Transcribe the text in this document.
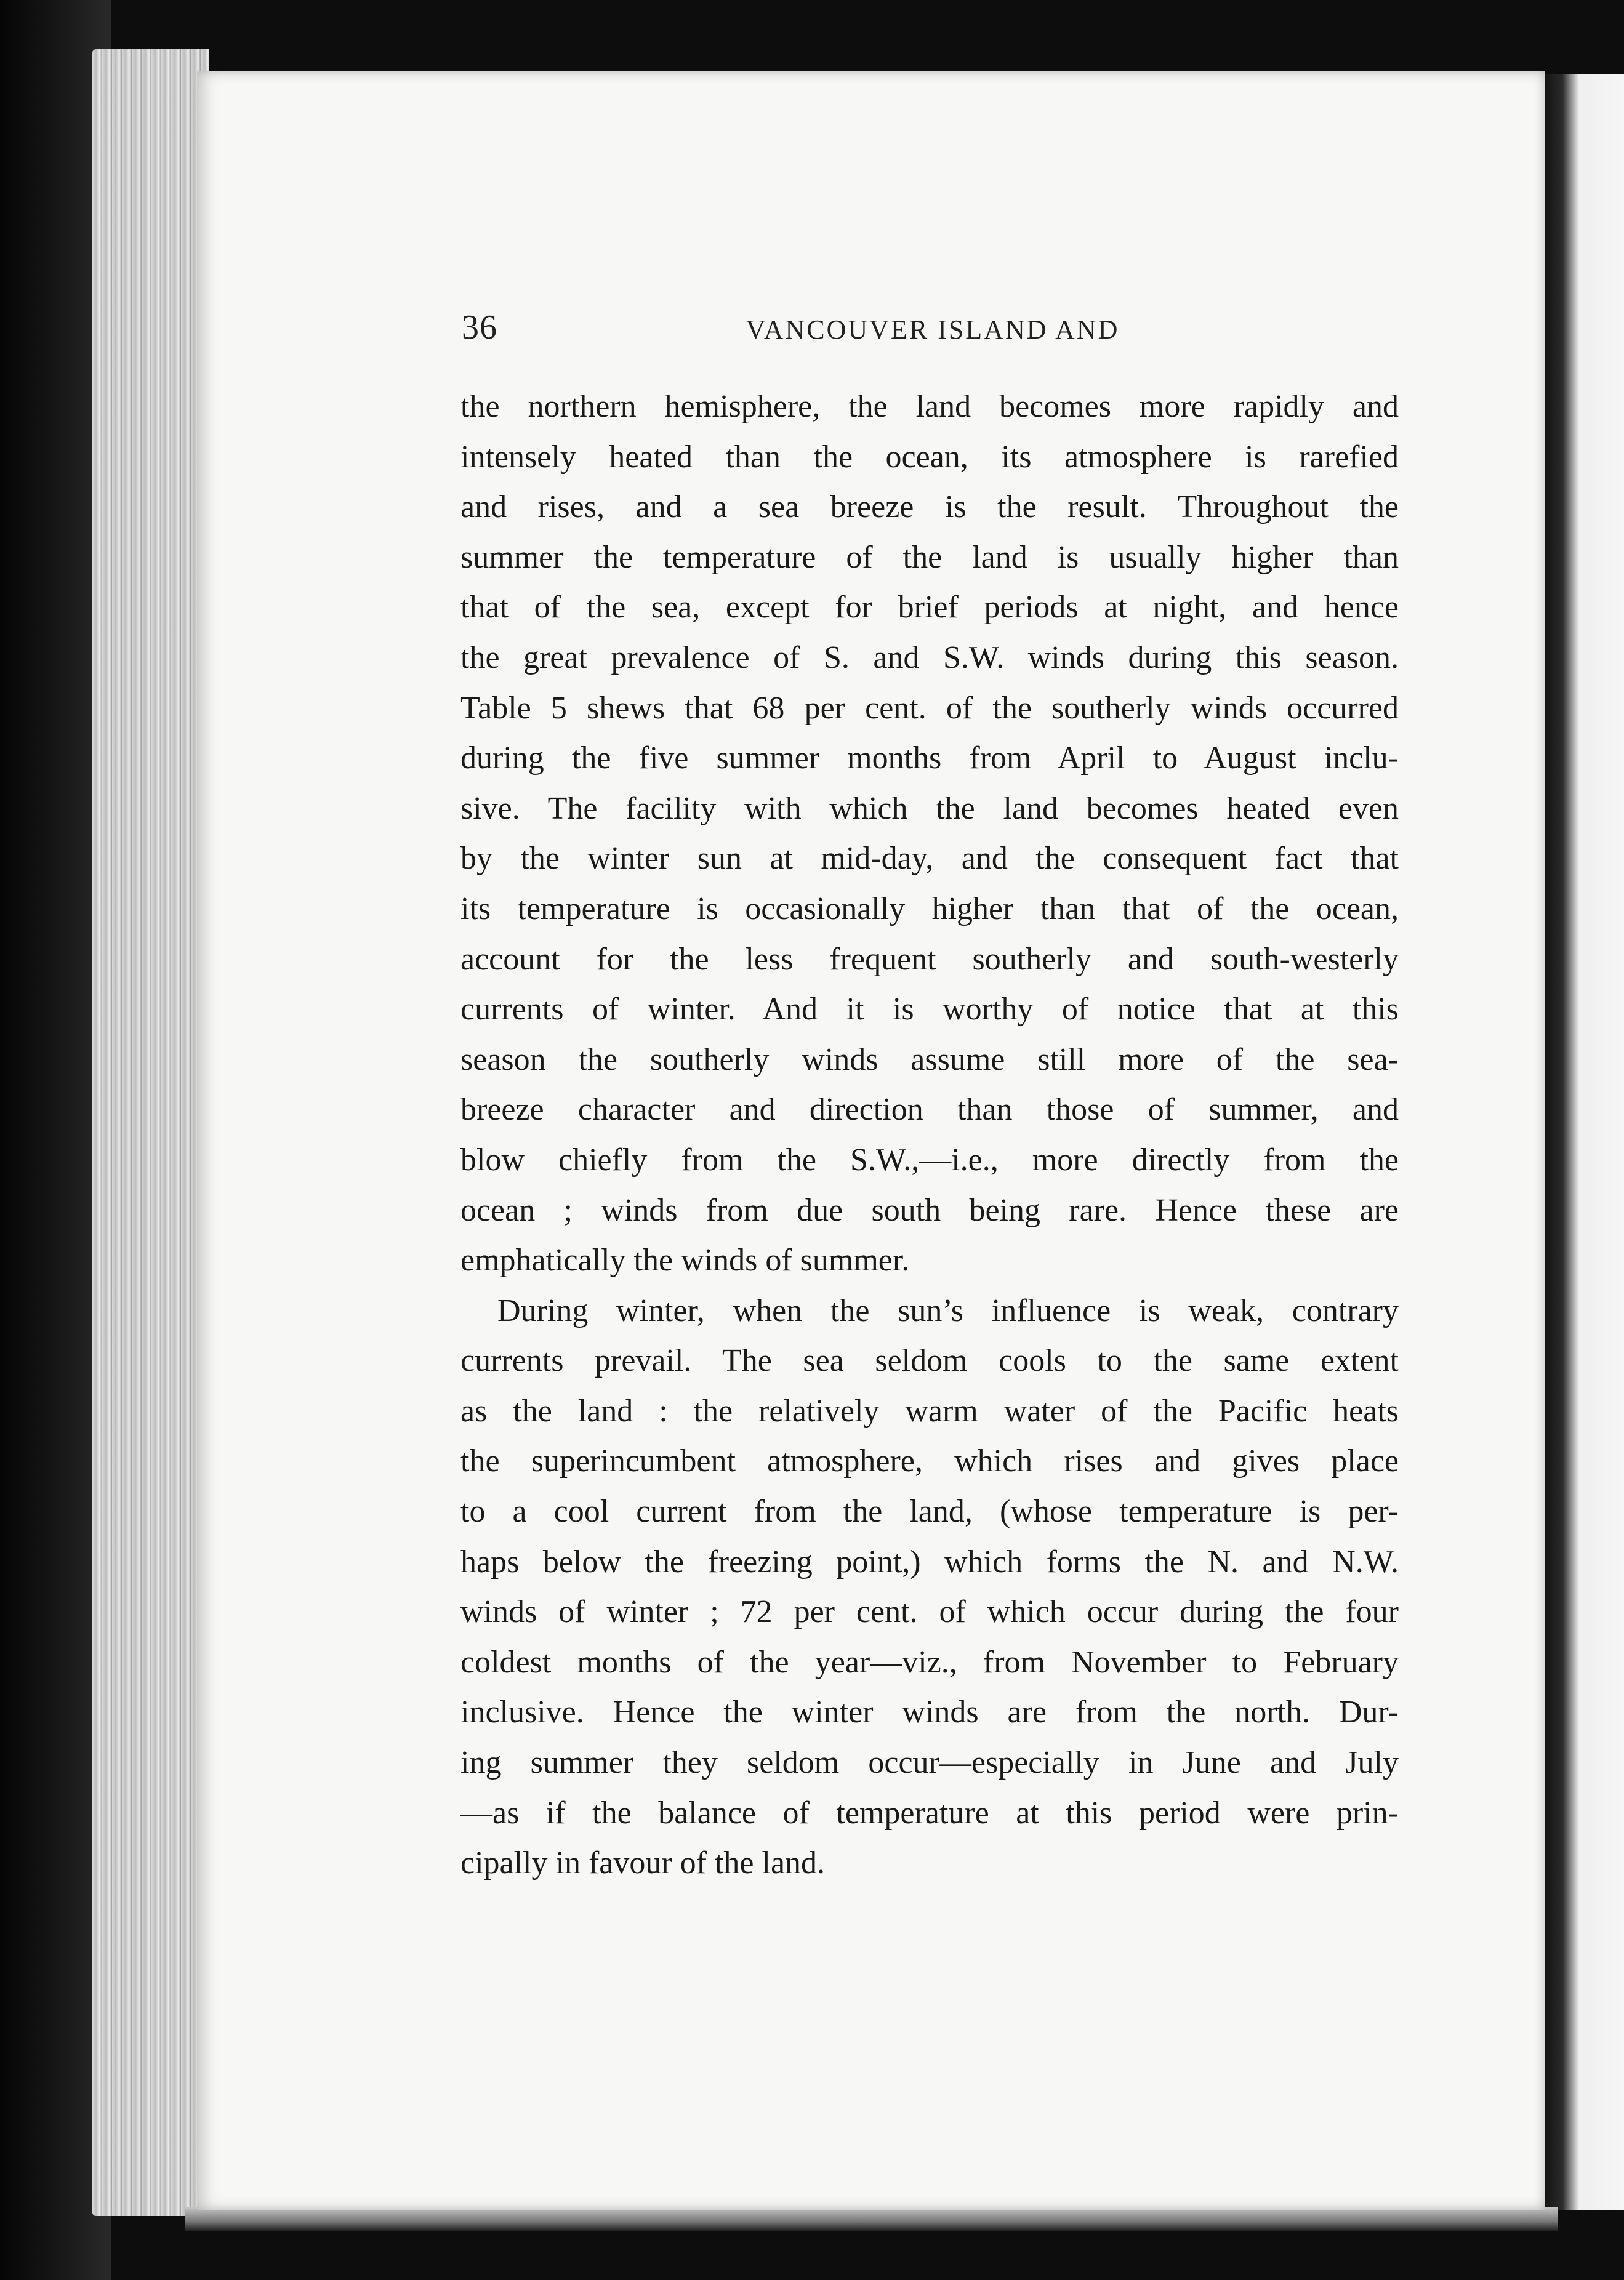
36	VANCOUVER ISLAND AND
the northern hemisphere, the land becomes more rapidly and
intensely heated than the ocean, its atmosphere is rarefied
and rises, and a sea breeze is the result. Throughout the
summer the temperature of the land is usually higher than
that of the sea, except for brief periods at night, and hence
the great prevalence of S. and S.W. winds during this season.
Table 5 shews that 68 per cent. of the southerly winds occurred
during the five summer months from April to August inclu-
sive. The facility with which the land becomes heated even
by the winter sun at mid-day, and the consequent fact that
its temperature is occasionally higher than that of the ocean,
account for the less frequent southerly and south-westerly
currents of winter. And it is worthy of notice that at this
season the southerly winds assume still more of the sea-
breeze character and direction than those of summer, and
blow chiefly from the S.W.,—i.e., more directly from the
ocean ; winds from due south being rare. Hence these are
emphatically the winds of summer.
During winter, when the sun’s influence is weak, contrary
currents prevail. The sea seldom cools to the same extent
as the land : the relatively warm water of the Pacific heats
the superincumbent atmosphere, which rises and gives place
to a cool current from the land, (whose temperature is per-
haps below the freezing point,) which forms the N. and N.W.
winds of winter ; 72 per cent. of which occur during the four
coldest months of the year—viz., from November to February
inclusive. Hence the winter winds are from the north. Dur-
ing summer they seldom occur—especially in June and July
—as if the balance of temperature at this period were prin-
cipally in favour of the land.
